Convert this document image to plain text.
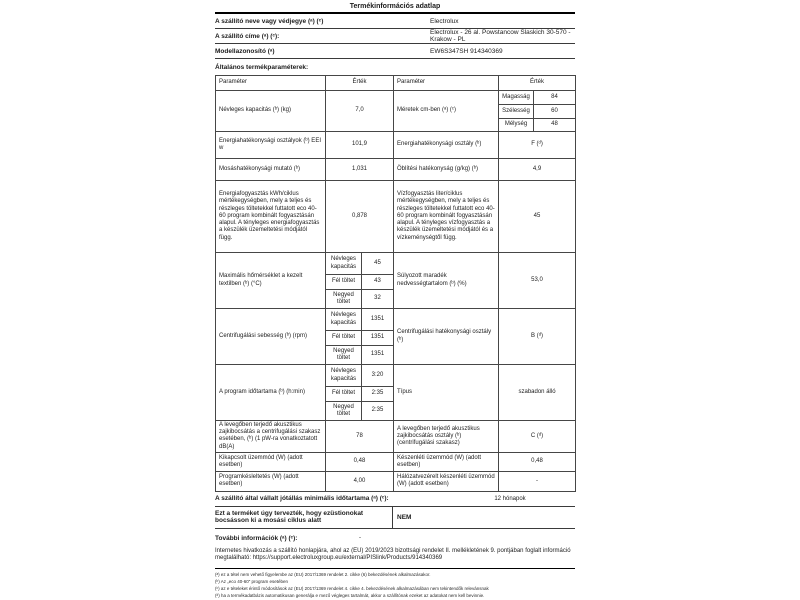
Termékinformációs adatlap
A szállító neve vagy védjegye (ᵃ) (ᶜ)	Electrolux
A szállító címe (ᵃ) (ᶜ):	Electrolux - 26 al. Powstancow Slaskich 30-570 - Krakow - PL
Modellazonosító (ᵃ)	EW6S347SH 914340369
Általános termékparaméterek:
Paraméter	Érték		Paraméter	Érték	
Névleges kapacitás (ᵇ) (kg)	7,0		Méretek cm-ben (ᵃ) (ᶜ)	Magasság	84
				Szélesség	60
				Mélység	48
Energiahatékonysági osztályok (ᵇ) EEI w	101,9		Energiahatékonysági osztály (ᵇ)	F (ᵈ)	
Mosáshatékonysági mutató (ᵇ)	1,031		Öblítési hatékonyság (g/kg) (ᵇ)	4,9	
Energiafogyasztás kWh/ciklus mértékegységben, mely a teljes és részleges töltetekkel futtatott eco 40-60 program kombinált fogyasztásán alapul. A tényleges energiafogyasztás a készülék üzemeltetési módjától függ.	0,878	Vízfogyasztás liter/ciklus mértékegységben, mely a teljes és részleges töltetekkel futtatott eco 40-60 program kombinált fogyasztásán alapul. A tényleges vízfogyasztás a készülék üzemeltetési módjától és a vízkeménységtől függ.	45
Maximális hőmérséklet a kezelt textilben (ᵇ) (°C)	Névleges kapacitás	45	Súlyozott maradék nedvességtartalom (ᵇ) (%)	53,0	
	Fél töltet	43			
	Negyed töltet	32			
Centrifugálási sebesség (ᵇ) (rpm)	Névleges kapacitás	1351	Centrifugálási hatékonysági osztály (ᵇ)	B (ᵈ)	
	Fél töltet	1351			
	Negyed töltet	1351			
A program időtartama (ᵇ) (h:min)	Névleges kapacitás	3:20	Típus	szabadon álló	
	Fél töltet	2:35			
	Negyed töltet	2:35			
A levegőben terjedő akusztikus zajkibocsátás a centrifugálási szakasz esetében, (ᵇ) (1 pW-ra vonatkoztatott dB(A)	78		A levegőben terjedő akusztikus zajkibocsátás osztály (ᵇ) (centrifugálási szakasz)	C (ᵈ)	
Kikapcsolt üzemmód (W) (adott esetben)	0,48		Készenléti üzemmód (W) (adott esetben)	0,48	
Programkésleltetés (W) (adott esetben)	4,00		Hálózatvezérelt készenléti üzemmód (W) (adott esetben)	-	
A szállító által vállalt jótállás minimális időtartama (ᵃ) (ᶜ):	12 hónapok
Ezt a terméket úgy tervezték, hogy ezüstionokat bocsásson ki a mosási ciklus alatt	NEM
További információk (ᵃ) (ᶜ):	-

Internetes hivatkozás a szállító honlapjára, ahol az (EU) 2019/2023 bizottsági rendelet II. mellékletének 9. pontjában foglalt információ megtalálható: https://support.electroluxgroup.eu/external/PISlink/Products/914340369

(ᵃ) ez a tétel nem vehető figyelembe az (EU) 2017/1369 rendelet 2. cikke (6) bekezdésének alkalmazásakor.
(ᵇ) Az „eco 40-60” program esetében
(ᶜ) az e tételeket érintő módosítások az (EU) 2017/1369 rendelet 4. cikke 4. bekezdésének alkalmazásában nem tekintendők relevánsnak
(ᵈ) ha a termékadatbázis automatikusan generálja e mező végleges tartalmát, akkor a szállítónak ezeket az adatokat nem kell bevinnie.
